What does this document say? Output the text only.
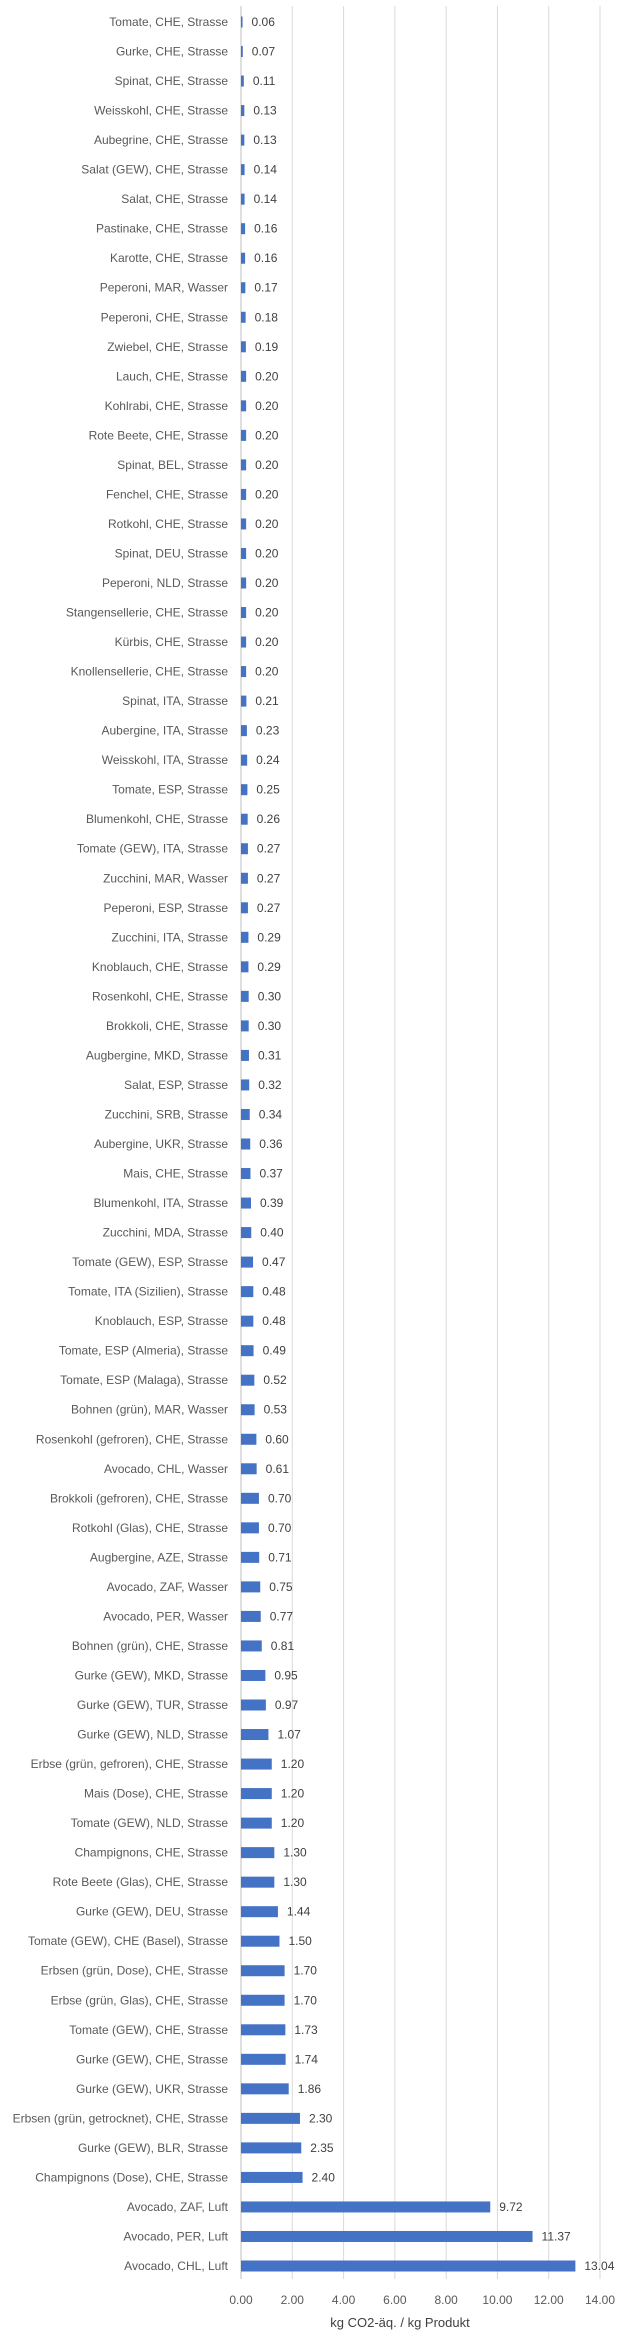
Tomate, CHE, Strasse
Gurke, CHE, Strasse
Spinat, CHE, Strasse
Weisskohl, CHE, Strasse
Aubegrine, CHE, Strasse
Salat (GEW), CHE, Strasse
Salat, CHE, Strasse
Pastinake, CHE, Strasse
Karotte, CHE, Strasse
Peperoni, MAR, Wasser
Peperoni, CHE, Strasse
Zwiebel, CHE, Strasse
Lauch, CHE, Strasse
Kohlrabi, CHE, Strasse
Rote Beete, CHE, Strasse
Spinat, BEL, Strasse
Fenchel, CHE, Strasse
Rotkohl, CHE, Strasse
Spinat, DEU, Strasse
Peperoni, NLD, Strasse
Stangensellerie, CHE, Strasse
Kürbis, CHE, Strasse
Knollensellerie, CHE, Strasse
Spinat, ITA, Strasse
Aubergine, ITA, Strasse
Weisskohl, ITA, Strasse
Tomate, ESP, Strasse
Blumenkohl, CHE, Strasse
Tomate (GEW), ITA, Strasse
Zucchini, MAR, Wasser
Peperoni, ESP, Strasse
Zucchini, ITA, Strasse
Knoblauch, CHE, Strasse
Rosenkohl, CHE, Strasse
Brokkoli, CHE, Strasse
Augbergine, MKD, Strasse
Salat, ESP, Strasse
Zucchini, SRB, Strasse
Aubergine, UKR, Strasse
Mais, CHE, Strasse
Blumenkohl, ITA, Strasse
Zucchini, MDA, Strasse
Tomate (GEW), ESP, Strasse
Tomate, ITA (Sizilien), Strasse
Knoblauch, ESP, Strasse
Tomate, ESP (Almeria), Strasse
Tomate, ESP (Malaga), Strasse
Bohnen (grün), MAR, Wasser
Rosenkohl (gefroren), CHE, Strasse
Avocado, CHL, Wasser
Brokkoli (gefroren), CHE, Strasse
Rotkohl (Glas), CHE, Strasse
Augbergine, AZE, Strasse
Avocado, ZAF, Wasser
Avocado, PER, Wasser
Bohnen (grün), CHE, Strasse
Gurke (GEW), MKD, Strasse
Gurke (GEW), TUR, Strasse
Gurke (GEW), NLD, Strasse
Erbse (grün, gefroren), CHE, Strasse
Mais (Dose), CHE, Strasse
Tomate (GEW), NLD, Strasse
Champignons, CHE, Strasse
Rote Beete (Glas), CHE, Strasse
Gurke (GEW), DEU, Strasse
Tomate (GEW), CHE (Basel), Strasse
Erbsen (grün, Dose), CHE, Strasse
Erbse (grün, Glas), CHE, Strasse
Tomate (GEW), CHE, Strasse
Gurke (GEW), CHE, Strasse
Gurke (GEW), UKR, Strasse
Erbsen (grün, getrocknet), CHE, Strasse
Gurke (GEW), BLR, Strasse
Champignons (Dose), CHE, Strasse
Avocado, ZAF, Luft
Avocado, PER, Luft
Avocado, CHL, Luft
0.06
0.07
0.11
0.13
0.13
0.14
0.14
0.16
0.16
0.17
0.18
0.19
0.20
0.20
0.20
0.20
0.20
0.20
0.20
0.20
0.20
0.20
0.20
0.21
0.23
0.24
0.25
0.26
0.27
0.27
0.27
0.29
0.29
0.30
0.30
0.31
0.32
0.34
0.36
0.37
0.39
0.40
0.47
0.48
0.48
0.49
0.52
0.53
0.60
0.61
0.70
0.70
0.71
0.75
0.77
0.81
0.95
0.97
1.07
1.20
1.20
1.20
1.30
1.30
1.44
1.50
1.70
1.70
1.73
1.74
1.86
2.30
2.35
2.40
9.72
11.37
13.04
0.00 2.00 4.00 6.00 8.00 10.00 12.00 14.00
kg CO2-äq. / kg Produkt
